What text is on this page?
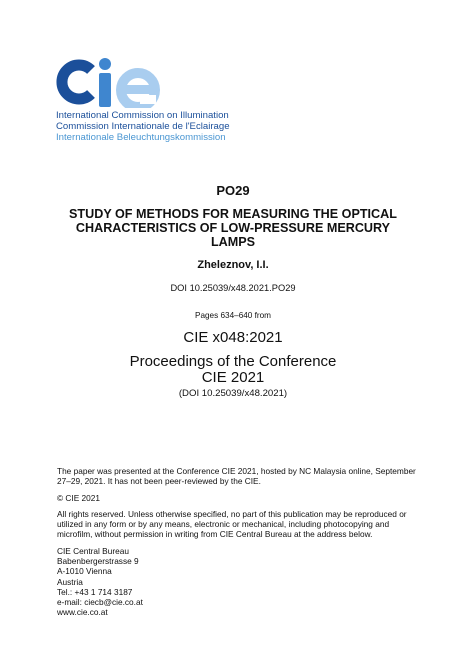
International Commission on Illumination
Commission Internationale de l'Eclairage
Internationale Beleuchtungskommission
PO29
STUDY OF METHODS FOR MEASURING THE OPTICAL CHARACTERISTICS OF LOW-PRESSURE MERCURY LAMPS
Zheleznov, I.I.
DOI 10.25039/x48.2021.PO29
Pages 634–640 from
CIE x048:2021
Proceedings of the Conference
CIE 2021
(DOI 10.25039/x48.2021)
The paper was presented at the Conference CIE 2021, hosted by NC Malaysia online, September 27–29, 2021. It has not been peer-reviewed by the CIE.
© CIE 2021
All rights reserved. Unless otherwise specified, no part of this publication may be reproduced or utilized in any form or by any means, electronic or mechanical, including photocopying and microfilm, without permission in writing from CIE Central Bureau at the address below.
CIE Central Bureau
Babenbergerstrasse 9
A-1010 Vienna
Austria
Tel.: +43 1 714 3187
e-mail: ciecb@cie.co.at
www.cie.co.at
